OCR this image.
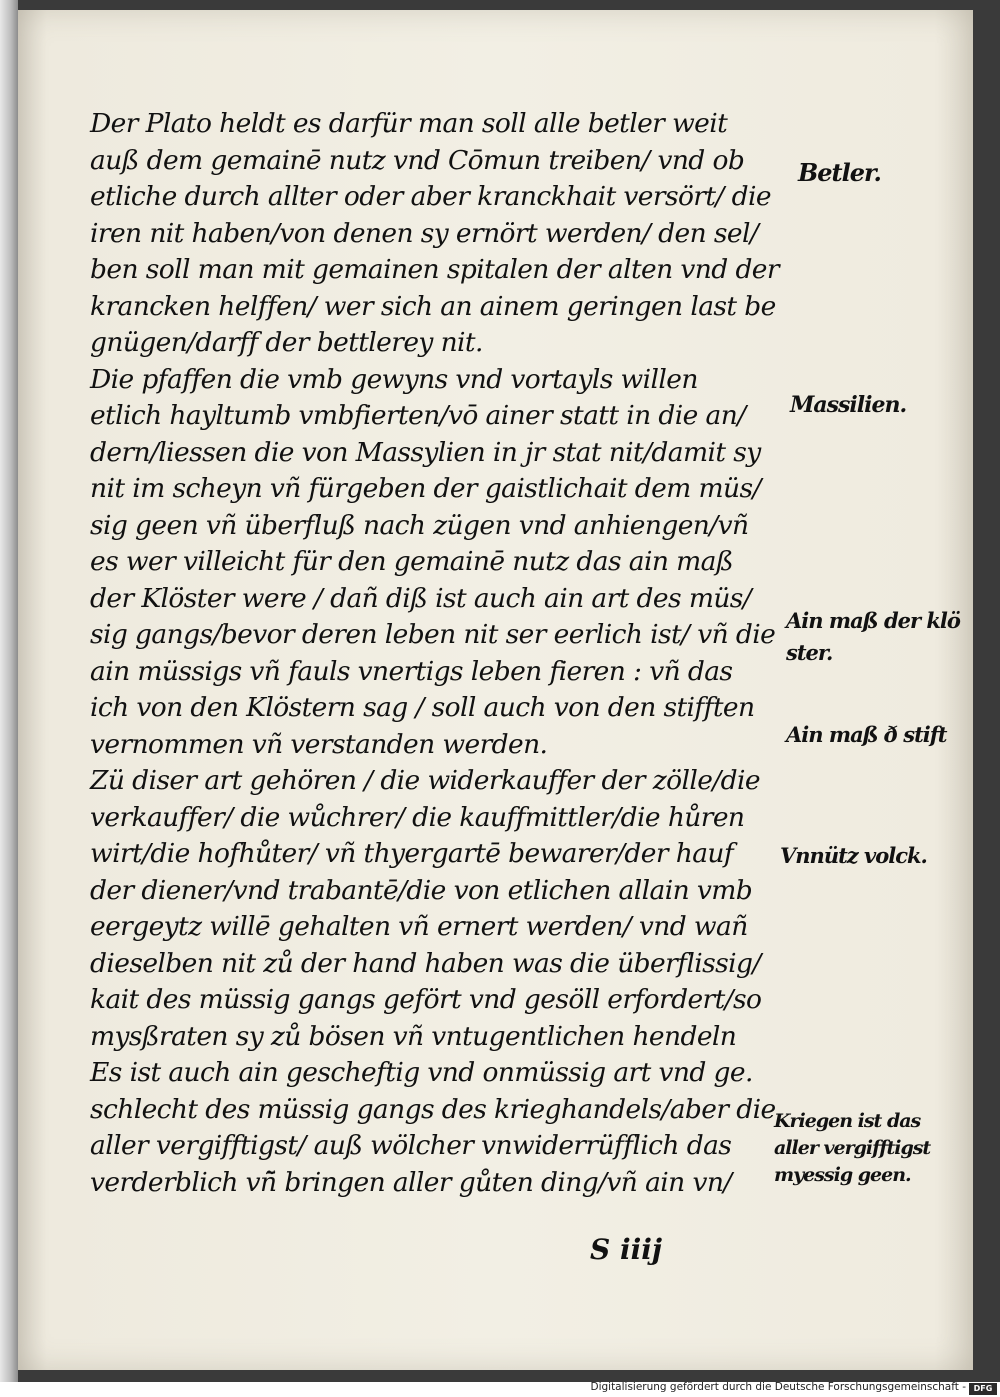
Der Plato heldt es darfür man soll alle betler weit
auß dem gemainē nutz vnd Cōmun treiben/ vnd ob
etliche durch allter oder aber kranckhait versört/ die
iren nit haben/von denen sy ernört werden/ den sel/
ben soll man mit gemainen spitalen der alten vnd der
krancken helffen/ wer sich an ainem geringen last be
gnügen/darff der bettlerey nit.
Die pfaffen die vmb gewyns vnd vortayls willen
etlich hayltumb vmbfierten/vō ainer statt in die an/
dern/liessen die von Massylien in jr stat nit/damit sy
nit im scheyn vñ fürgeben der gaistlichait dem müs/
sig geen vñ überfluß nach zügen vnd anhiengen/vñ
es wer villeicht für den gemainē nutz das ain maß
der Klöster were / dañ diß ist auch ain art des müs/
sig gangs/bevor deren leben nit ser eerlich ist/ vñ die
ain müssigs vñ fauls vnertigs leben fieren : vñ das
ich von den Klöstern sag / soll auch von den stifften
vernommen vñ verstanden werden.
Zü diser art gehören / die widerkauffer der zölle/die
verkauffer/ die wůchrer/ die kauffmittler/die hůren
wirt/die hofhůter/ vñ thyergartē bewarer/der hauf
der diener/vnd trabantē/die von etlichen allain vmb
eergeytz willē gehalten vñ ernert werden/ vnd wañ
dieselben nit zů der hand haben was die überflissig/
kait des müssig gangs gefört vnd gesöll erfordert/so
mysßraten sy zů bösen vñ vntugentlichen hendeln
Es ist auch ain gescheftig vnd onmüssig art vnd ge.
schlecht des müssig gangs des krieghandels/aber die
aller vergifftigst/ auß wölcher vnwiderrüfflich das
verderblich vñ̄ bringen aller gůten ding/vñ ain vn/
Betler.
Massilien.
Ain maß der klö
ster.
Ain maß ð stift
Vnnütz volck.
Kriegen ist das
aller vergifftigst
myessig geen.
S iiij
Digitalisierung gefördert durch die Deutsche Forschungsgemeinschaft - DFG
